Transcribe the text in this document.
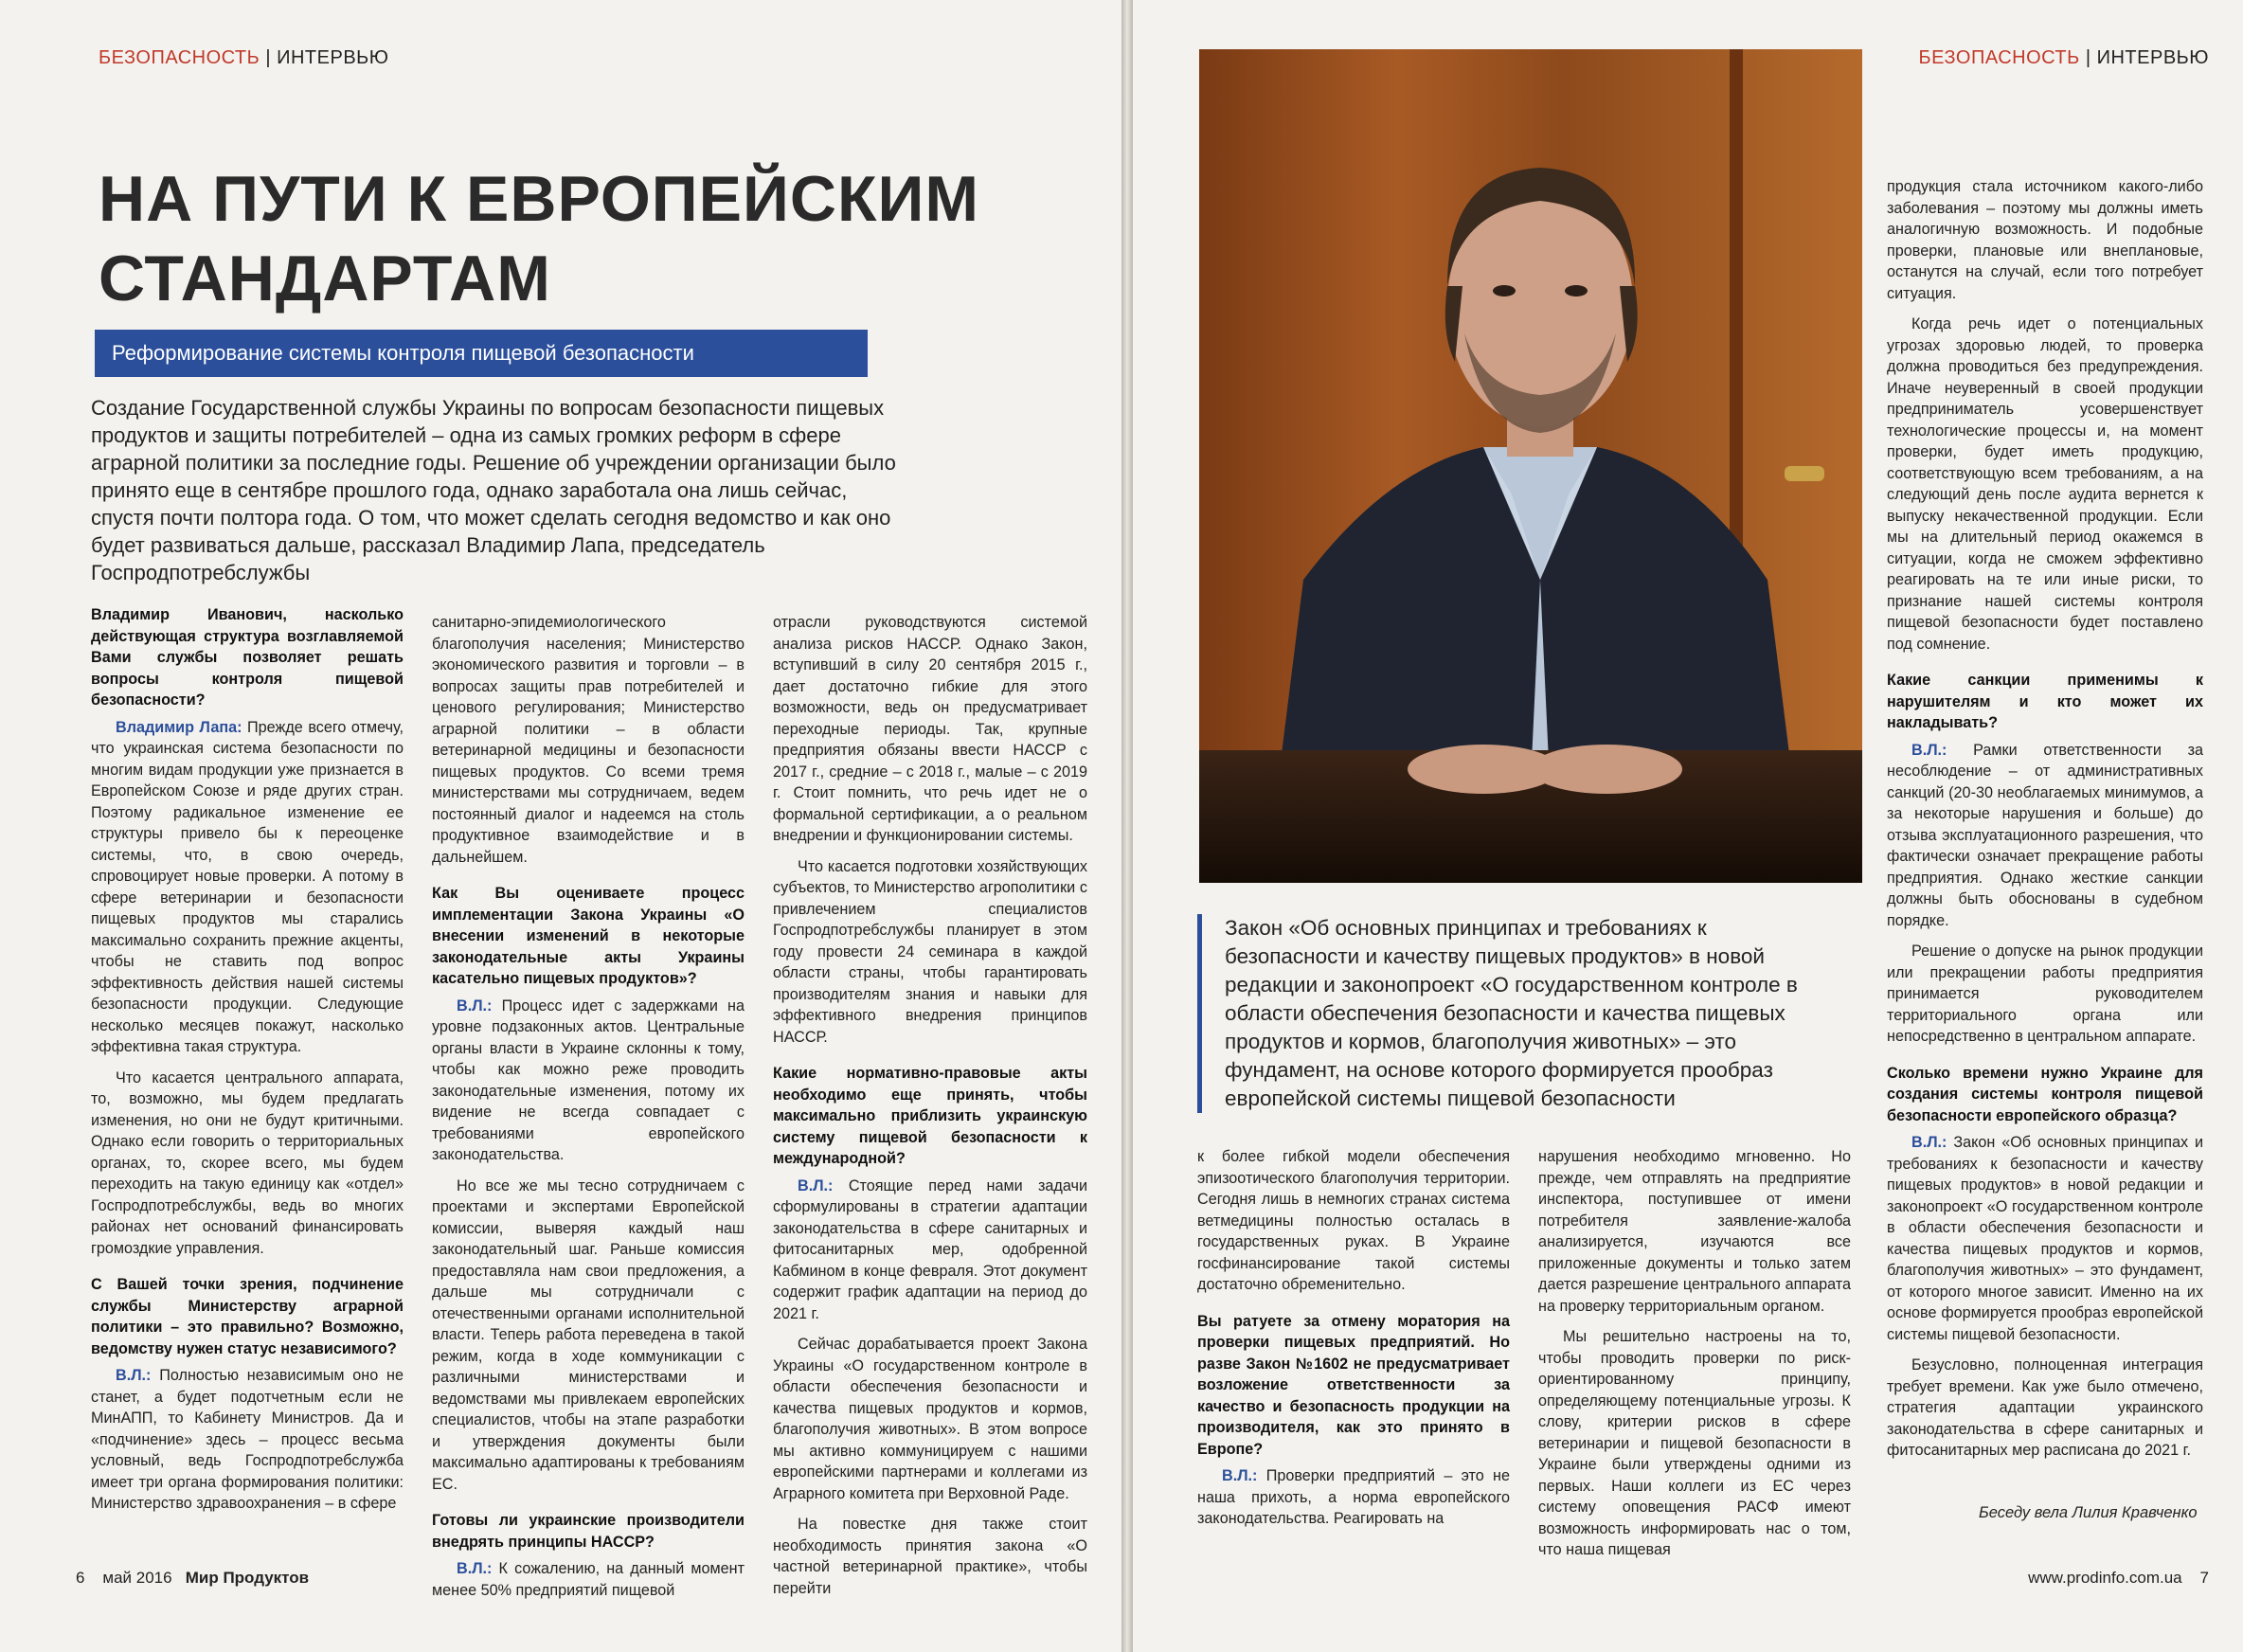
БЕЗОПАСНОСТЬ | ИНТЕРВЬЮ
НА ПУТИ К ЕВРОПЕЙСКИМ
СТАНДАРТАМ
Реформирование системы контроля пищевой безопасности
Создание Государственной службы Украины по вопросам безопасности пищевых продуктов и защиты потребителей – одна из самых громких реформ в сфере аграрной политики за последние годы. Решение об учреждении организации было принято еще в сентябре прошлого года, однако заработала она лишь сейчас, спустя почти полтора года. О том, что может сделать сегодня ведомство и как оно будет развиваться дальше, рассказал Владимир Лапа, председатель Госпродпотребслужбы

Владимир Иванович, насколько действующая структура возглавляемой Вами службы позволяет решать вопросы контроля пищевой безопасности?

Владимир Лапа: Прежде всего отмечу, что украинская система безопасности по многим видам продукции уже признается в Европейском Союзе и ряде других стран. Поэтому радикальное изменение ее структуры привело бы к переоценке системы, что, в свою очередь, спровоцирует новые проверки. А потому в сфере ветеринарии и безопасности пищевых продуктов мы старались максимально сохранить прежние акценты, чтобы не ставить под вопрос эффективность действия нашей системы безопасности продукции. Следующие несколько месяцев покажут, насколько эффективна такая структура.

Что касается центрального аппарата, то, возможно, мы будем предлагать изменения, но они не будут критичными. Однако если говорить о территориальных органах, то, скорее всего, мы будем переходить на такую единицу как «отдел» Госпродпотребслужбы, ведь во многих районах нет оснований финансировать громоздкие управления.

С Вашей точки зрения, подчинение службы Министерству аграрной политики – это правильно? Возможно, ведомству нужен статус независимого?

В.Л.: Полностью независимым оно не станет, а будет подотчетным если не МинАПП, то Кабинету Министров. Да и «подчинение» здесь – процесс весьма условный, ведь Госпродпотребслужба имеет три органа формирования политики: Министерство здравоохранения – в сфере

санитарно-эпидемиологического благополучия населения; Министерство экономического развития и торговли – в вопросах защиты прав потребителей и ценового регулирования; Министерство аграрной политики – в области ветеринарной медицины и безопасности пищевых продуктов. Со всеми тремя министерствами мы сотрудничаем, ведем постоянный диалог и надеемся на столь продуктивное взаимодействие и в дальнейшем.

Как Вы оцениваете процесс имплементации Закона Украины «О внесении изменений в некоторые законодательные акты Украины касательно пищевых продуктов»?

В.Л.: Процесс идет с задержками на уровне подзаконных актов. Центральные органы власти в Украине склонны к тому, чтобы как можно реже проводить законодательные изменения, потому их видение не всегда совпадает с требованиями европейского законодательства.

Но все же мы тесно сотрудничаем с проектами и экспертами Европейской комиссии, выверяя каждый наш законодательный шаг. Раньше комиссия предоставляла нам свои предложения, а дальше мы сотрудничали с отечественными органами исполнительной власти. Теперь работа переведена в такой режим, когда в ходе коммуникации с различными министерствами и ведомствами мы привлекаем европейских специалистов, чтобы на этапе разработки и утверждения документы были максимально адаптированы к требованиям ЕС.

Готовы ли украинские производители внедрять принципы НАССР?

В.Л.: К сожалению, на данный момент менее 50% предприятий пищевой

отрасли руководствуются системой анализа рисков НАССР. Однако Закон, вступивший в силу 20 сентября 2015 г., дает достаточно гибкие для этого возможности, ведь он предусматривает переходные периоды. Так, крупные предприятия обязаны ввести НАССР с 2017 г., средние – с 2018 г., малые – с 2019 г. Стоит помнить, что речь идет не о формальной сертификации, а о реальном внедрении и функционировании системы.

Что касается подготовки хозяйствующих субъектов, то Министерство агрополитики с привлечением специалистов Госпродпотребслужбы планирует в этом году провести 24 семинара в каждой области страны, чтобы гарантировать производителям знания и навыки для эффективного внедрения принципов НАССР.

Какие нормативно-правовые акты необходимо еще принять, чтобы максимально приблизить украинскую систему пищевой безопасности к международной?

В.Л.: Стоящие перед нами задачи сформулированы в стратегии адаптации законодательства в сфере санитарных и фитосанитарных мер, одобренной Кабмином в конце февраля. Этот документ содержит график адаптации на период до 2021 г.

Сейчас дорабатывается проект Закона Украины «О государственном контроле в области обеспечения безопасности и качества пищевых продуктов и кормов, благополучия животных». В этом вопросе мы активно коммуницируем с нашими европейскими партнерами и коллегами из Аграрного комитета при Верховной Раде.

На повестке дня также стоит необходимость принятия закона «О частной ветеринарной практике», чтобы перейти

6 май 2016 Мир Продуктов
БЕЗОПАСНОСТЬ | ИНТЕРВЬЮ
Закон «Об основных принципах и требованиях к безопасности и качеству пищевых продуктов» в новой редакции и законопроект «О государственном контроле в области обеспечения безопасности и качества пищевых продуктов и кормов, благополучия животных» – это фундамент, на основе которого формируется прообраз европейской системы пищевой безопасности

к более гибкой модели обеспечения эпизоотического благополучия территории. Сегодня лишь в немногих странах система ветмедицины полностью осталась в государственных руках. В Украине госфинансирование такой системы достаточно обременительно.

Вы ратуете за отмену моратория на проверки пищевых предприятий. Но разве Закон №1602 не предусматривает возложение ответственности за качество и безопасность продукции на производителя, как это принято в Европе?

В.Л.: Проверки предприятий – это не наша прихоть, а норма европейского законодательства. Реагировать на

нарушения необходимо мгновенно. Но прежде, чем отправлять на предприятие инспектора, поступившее от имени потребителя заявление-жалоба анализируется, изучаются все приложенные документы и только затем дается разрешение центрального аппарата на проверку территориальным органом.

Мы решительно настроены на то, чтобы проводить проверки по риск-ориентированному принципу, определяющему потенциальные угрозы. К слову, критерии рисков в сфере ветеринарии и пищевой безопасности в Украине были утверждены одними из первых. Наши коллеги из ЕС через систему оповещения РАСФ имеют возможность информировать нас о том, что наша пищевая

продукция стала источником какого-либо заболевания – поэтому мы должны иметь аналогичную возможность. И подобные проверки, плановые или внеплановые, останутся на случай, если того потребует ситуация.

Когда речь идет о потенциальных угрозах здоровью людей, то проверка должна проводиться без предупреждения. Иначе неуверенный в своей продукции предприниматель усовершенствует технологические процессы и, на момент проверки, будет иметь продукцию, соответствующую всем требованиям, а на следующий день после аудита вернется к выпуску некачественной продукции. Если мы на длительный период окажемся в ситуации, когда не сможем эффективно реагировать на те или иные риски, то признание нашей системы контроля пищевой безопасности будет поставлено под сомнение.

Какие санкции применимы к нарушителям и кто может их накладывать?

В.Л.: Рамки ответственности за несоблюдение – от административных санкций (20-30 необлагаемых минимумов, а за некоторые нарушения и больше) до отзыва эксплуатационного разрешения, что фактически означает прекращение работы предприятия. Однако жесткие санкции должны быть обоснованы в судебном порядке.

Решение о допуске на рынок продукции или прекращении работы предприятия принимается руководителем территориального органа или непосредственно в центральном аппарате.

Сколько времени нужно Украине для создания системы контроля пищевой безопасности европейского образца?

В.Л.: Закон «Об основных принципах и требованиях к безопасности и качеству пищевых продуктов» в новой редакции и законопроект «О государственном контроле в области обеспечения безопасности и качества пищевых продуктов и кормов, благополучия животных» – это фундамент, от которого многое зависит. Именно на их основе формируется прообраз европейской системы пищевой безопасности.

Безусловно, полноценная интеграция требует времени. Как уже было отмечено, стратегия адаптации украинского законодательства в сфере санитарных и фитосанитарных мер расписана до 2021 г.

Беседу вела Лилия Кравченко
www.prodinfo.com.ua 7
